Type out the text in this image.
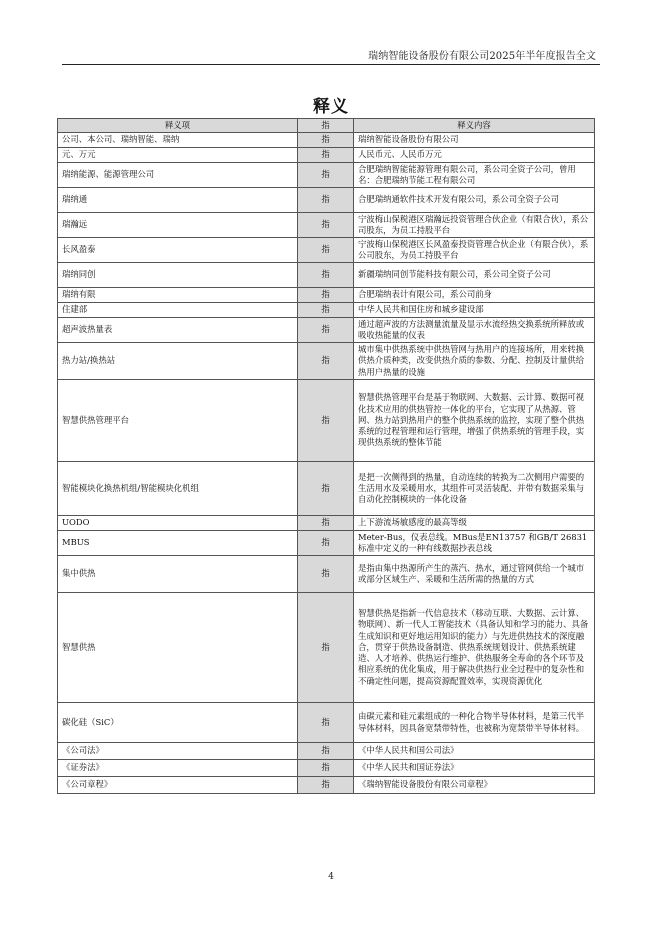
瑞纳智能设备股份有限公司2025年半年度报告全文
释义
释义项	指	释义内容
公司、本公司、瑞纳智能、瑞纳	指	瑞纳智能设备股份有限公司
元、万元	指	人民币元、人民币万元
瑞纳能源、能源管理公司	指	合肥瑞纳智能能源管理有限公司，系公司全资子公司，曾用名：合肥瑞纳节能工程有限公司
瑞纳通	指	合肥瑞纳通软件技术开发有限公司，系公司全资子公司
瑞瀚远	指	宁波梅山保税港区瑞瀚远投资管理合伙企业（有限合伙），系公司股东，为员工持股平台
长风盈泰	指	宁波梅山保税港区长风盈泰投资管理合伙企业（有限合伙），系公司股东，为员工持股平台
瑞纳同创	指	新疆瑞纳同创节能科技有限公司，系公司全资子公司
瑞纳有限	指	合肥瑞纳表计有限公司，系公司前身
住建部	指	中华人民共和国住房和城乡建设部
超声波热量表	指	通过超声波的方法测量流量及显示水流经热交换系统所释放或吸收热能量的仪表
热力站/换热站	指	城市集中供热系统中供热管网与热用户的连接场所，用来转换供热介质种类，改变供热介质的参数、分配、控制及计量供给热用户热量的设施
智慧供热管理平台	指	智慧供热管理平台是基于物联网、大数据、云计算、数据可视化技术应用的供热管控一体化的平台，它实现了从热源、管网、热力站到热用户的整个供热系统的监控，实现了整个供热系统的过程管理和运行管理，增强了供热系统的管理手段，实现供热系统的整体节能
智能模块化换热机组/智能模块化机组	指	是把一次侧得到的热量，自动连续的转换为二次侧用户需要的生活用水及采暖用水，其组件可灵活装配、并带有数据采集与自动化控制模块的一体化设备
UODO	指	上下游流场敏感度的最高等级
MBUS	指	Meter-Bus，仪表总线。MBus是EN13757 和GB/T 26831 标准中定义的一种有线数据抄表总线
集中供热	指	是指由集中热源所产生的蒸汽、热水，通过管网供给一个城市或部分区域生产、采暖和生活所需的热量的方式
智慧供热	指	智慧供热是指新一代信息技术（移动互联、大数据、云计算、物联网）、新一代人工智能技术（具备认知和学习的能力、具备生成知识和更好地运用知识的能力）与先进供热技术的深度融合，贯穿于供热设备制造、供热系统规划设计、供热系统建造、人才培养、供热运行维护、供热服务全寿命的各个环节及相应系统的优化集成，用于解决供热行业全过程中的复杂性和不确定性问题，提高资源配置效率，实现资源优化
碳化硅（SiC）	指	由碳元素和硅元素组成的一种化合物半导体材料，是第三代半导体材料，因具备宽禁带特性，也被称为宽禁带半导体材料。
《公司法》	指	《中华人民共和国公司法》
《证券法》	指	《中华人民共和国证券法》
《公司章程》	指	《瑞纳智能设备股份有限公司章程》
4
